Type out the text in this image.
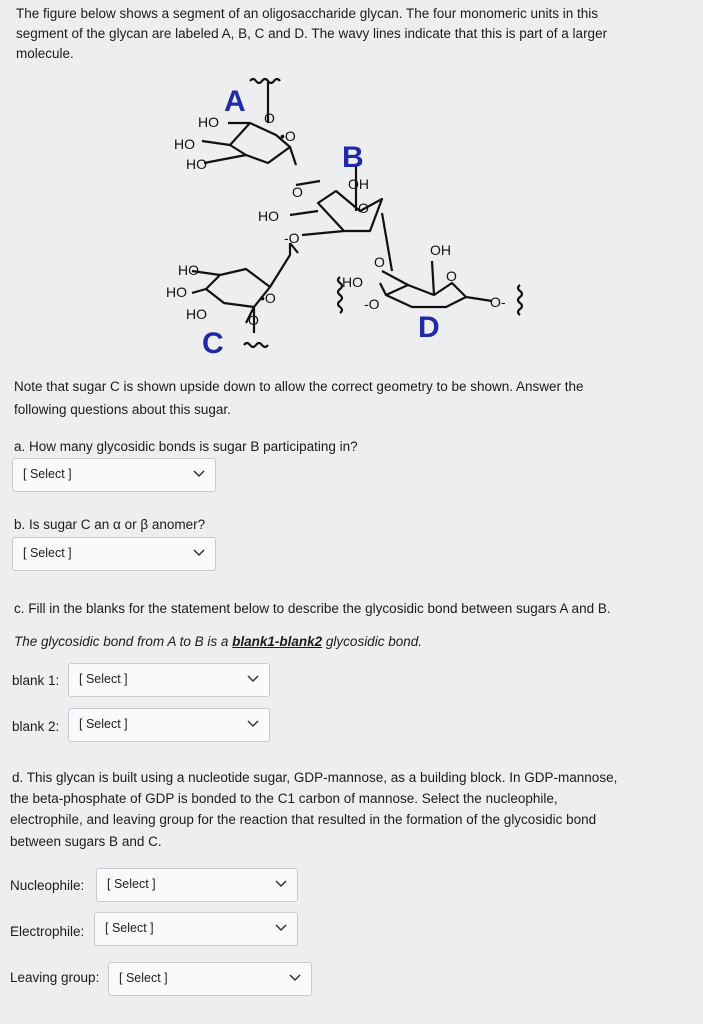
The figure below shows a segment of an oligosaccharide glycan. The four monomeric units in this
segment of the glycan are labeled A, B, C and D. The wavy lines indicate that this is part of a larger
molecule.
HO
HO
HO
O
•O
OH
O
HO	O
-O
OH
O
O
HO
-O	O-
HO
HO
HO
•O
O
A
B
C	D

Note that sugar C is shown upside down to allow the correct geometry to be shown. Answer the

following questions about this sugar.

a. How many glycosidic bonds is sugar B participating in?

[ Select ]

b. Is sugar C an α or β anomer?

[ Select ]

c. Fill in the blanks for the statement below to describe the glycosidic bond between sugars A and B.

The glycosidic bond from A to B is a blank1-blank2 glycosidic bond.

blank 1: [ Select ]

blank 2: [ Select ]

d. This glycan is built using a nucleotide sugar, GDP-mannose, as a building block. In GDP-mannose,

the beta-phosphate of GDP is bonded to the C1 carbon of mannose. Select the nucleophile,

electrophile, and leaving group for the reaction that resulted in the formation of the glycosidic bond

between sugars B and C.

Nucleophile: [ Select ]

Electrophile: [ Select ]

Leaving group: [ Select ]
